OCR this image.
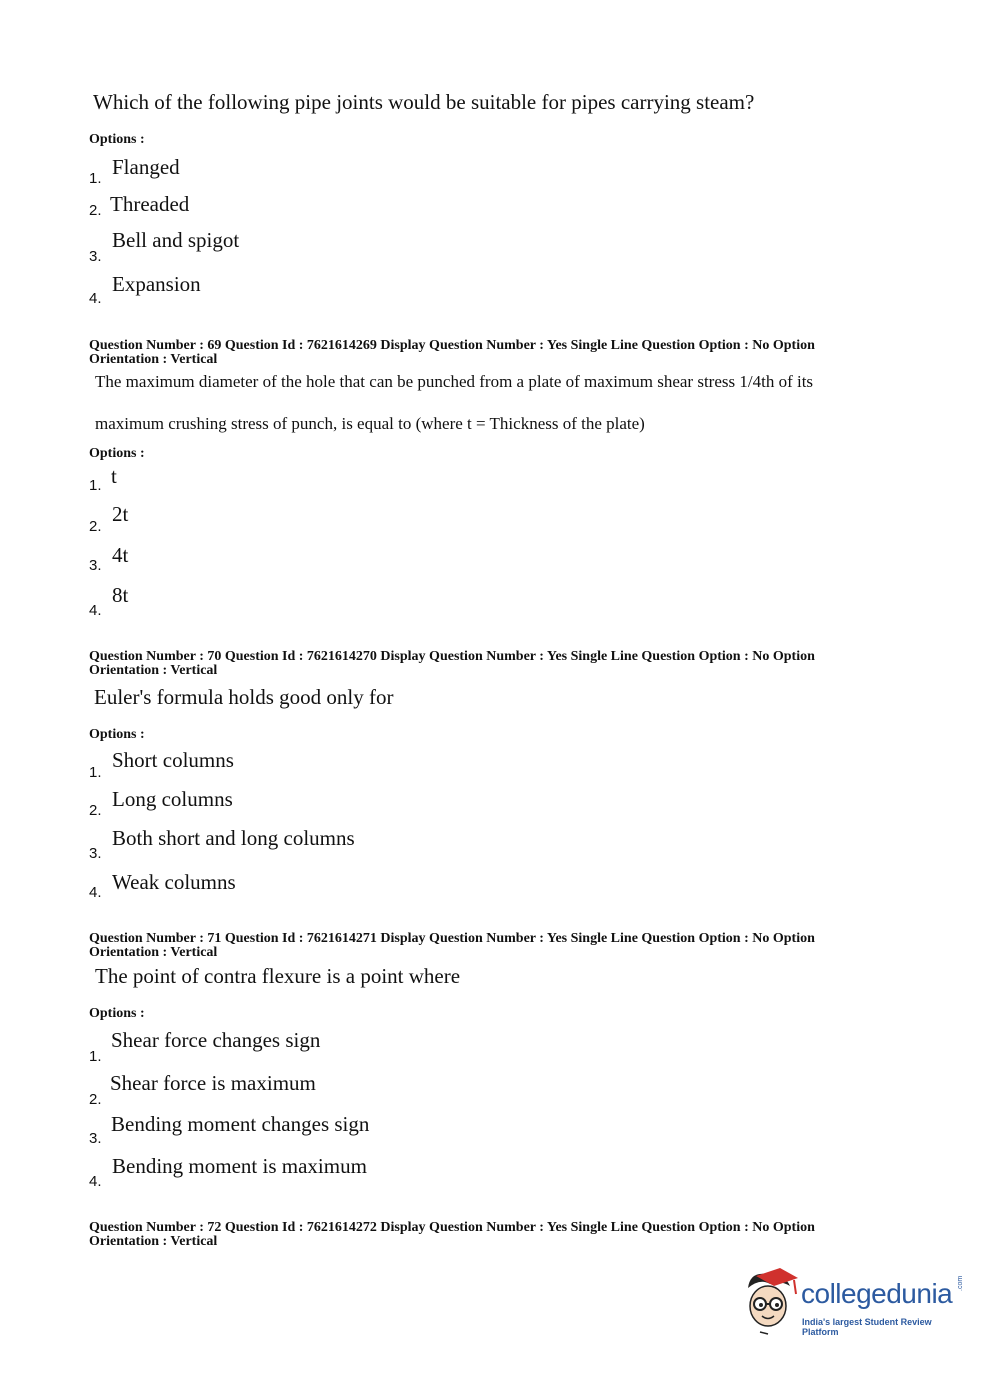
Which of the following pipe joints would be suitable for pipes carrying steam?
Options :
1. Flanged
2. Threaded
3.
Bell and spigot
4.
Expansion
Question Number : 69 Question Id : 7621614269 Display Question Number : Yes Single Line Question Option : No Option
Orientation : Vertical
The maximum diameter of the hole that can be punched from a plate of maximum shear stress 1/4th of its
maximum crushing stress of punch, is equal to (where t = Thickness of the plate)
Options :
1. t
2.
2t
3. 4t
4.
8t
Question Number : 70 Question Id : 7621614270 Display Question Number : Yes Single Line Question Option : No Option
Orientation : Vertical
Euler's formula holds good only for
Options :
1.
Short columns
2. Long columns
3.
Both short and long columns
4. Weak columns
Question Number : 71 Question Id : 7621614271 Display Question Number : Yes Single Line Question Option : No Option
Orientation : Vertical
The point of contra flexure is a point where
Options :
1.
Shear force changes sign
2.
Shear force is maximum
3.
Bending moment changes sign
4.
Bending moment is maximum
Question Number : 72 Question Id : 7621614272 Display Question Number : Yes Single Line Question Option : No Option
Orientation : Vertical
collegedunia .com
India's largest Student Review Platform
